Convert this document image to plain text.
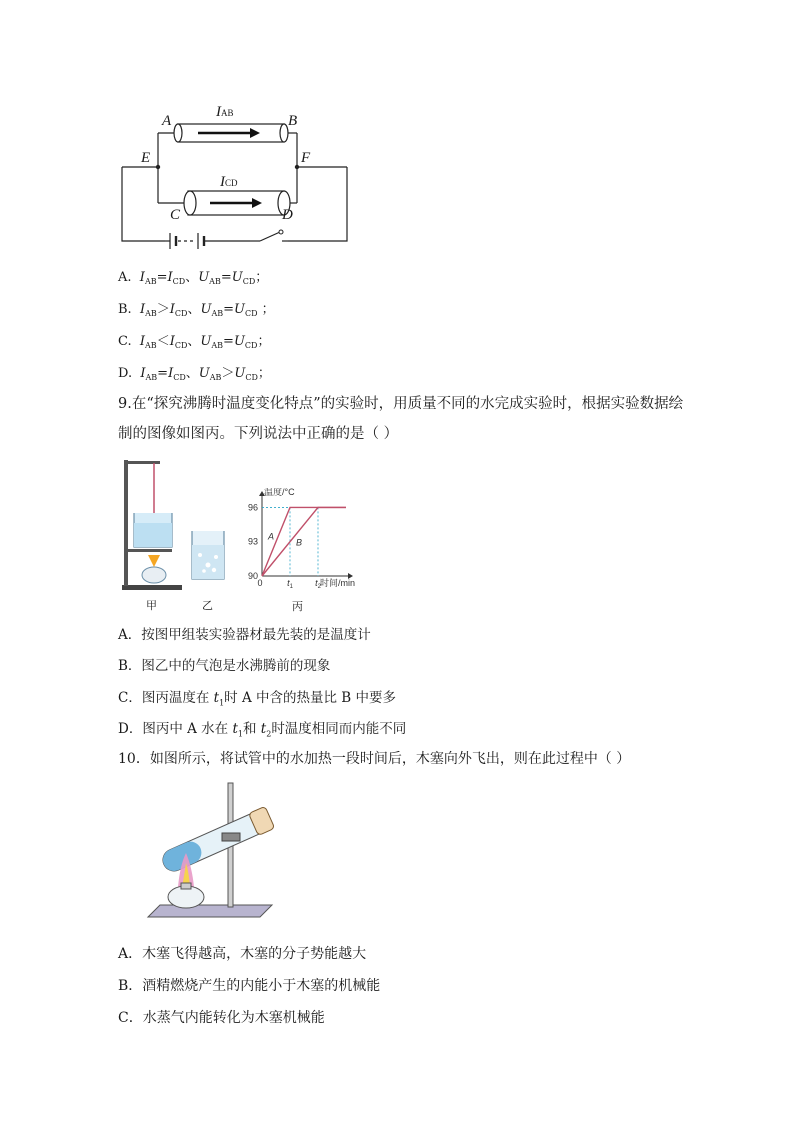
A	B
E	F
C	D
IAB
ICD
A. $I_{AB}=I_{CD}$、$U_{AB}=U_{CD}$；
B. $I_{AB}>I_{CD}$、$U_{AB}=U_{CD}$ ；
C. $I_{AB}<I_{CD}$、$U_{AB}=U_{CD}$；
D. $I_{AB}=I_{CD}$、$U_{AB}>U_{CD}$；
9.在“探究沸腾时温度变化特点”的实验时，用质量不同的水完成实验时，根据实验数据绘
制的图像如图丙。下列说法中正确的是（ ）
甲	乙
A
B
90
93
96
0	$t_1$ $t_2$
温度/°C
时间/min
丙
A．按图甲组装实验器材最先装的是温度计
B．图乙中的气泡是水沸腾前的现象
C．图丙温度在 $t_1$时 A 中含的热量比 B 中要多
D．图丙中 A 水在 $t_1$和 $t_2$时温度相同而内能不同
10．如图所示，将试管中的水加热一段时间后，木塞向外飞出，则在此过程中（ ）
A．木塞飞得越高，木塞的分子势能越大
B．酒精燃烧产生的内能小于木塞的机械能
C．水蒸气内能转化为木塞机械能
